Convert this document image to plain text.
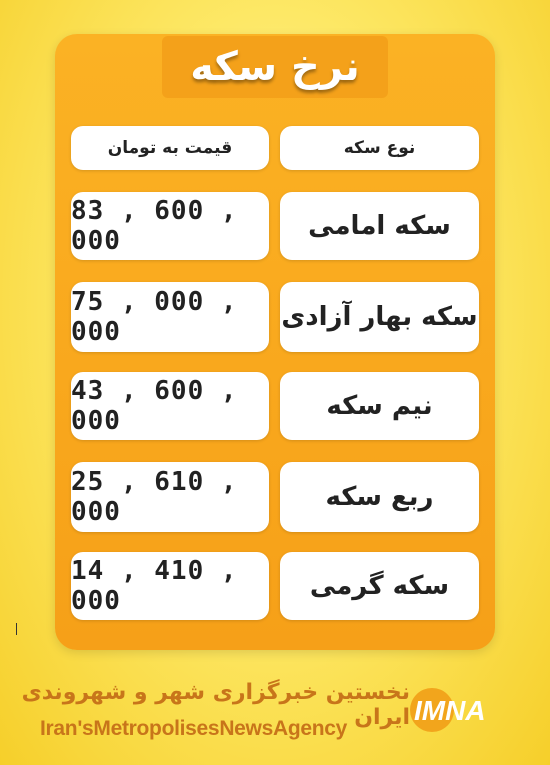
نرخ سکه
قیمت به تومان	نوع سکه
83 , 600 , 000	سکه امامی
75 , 000 , 000	سکه بهار آزادی
43 , 600 , 000	نیم سکه
25 , 610 , 000	ربع سکه
14 , 410 , 000	سکه گرمی
نخستین خبرگزاری شهر و شهروندی ایران
Iran'sMetropolisesNewsAgency
IMNA
